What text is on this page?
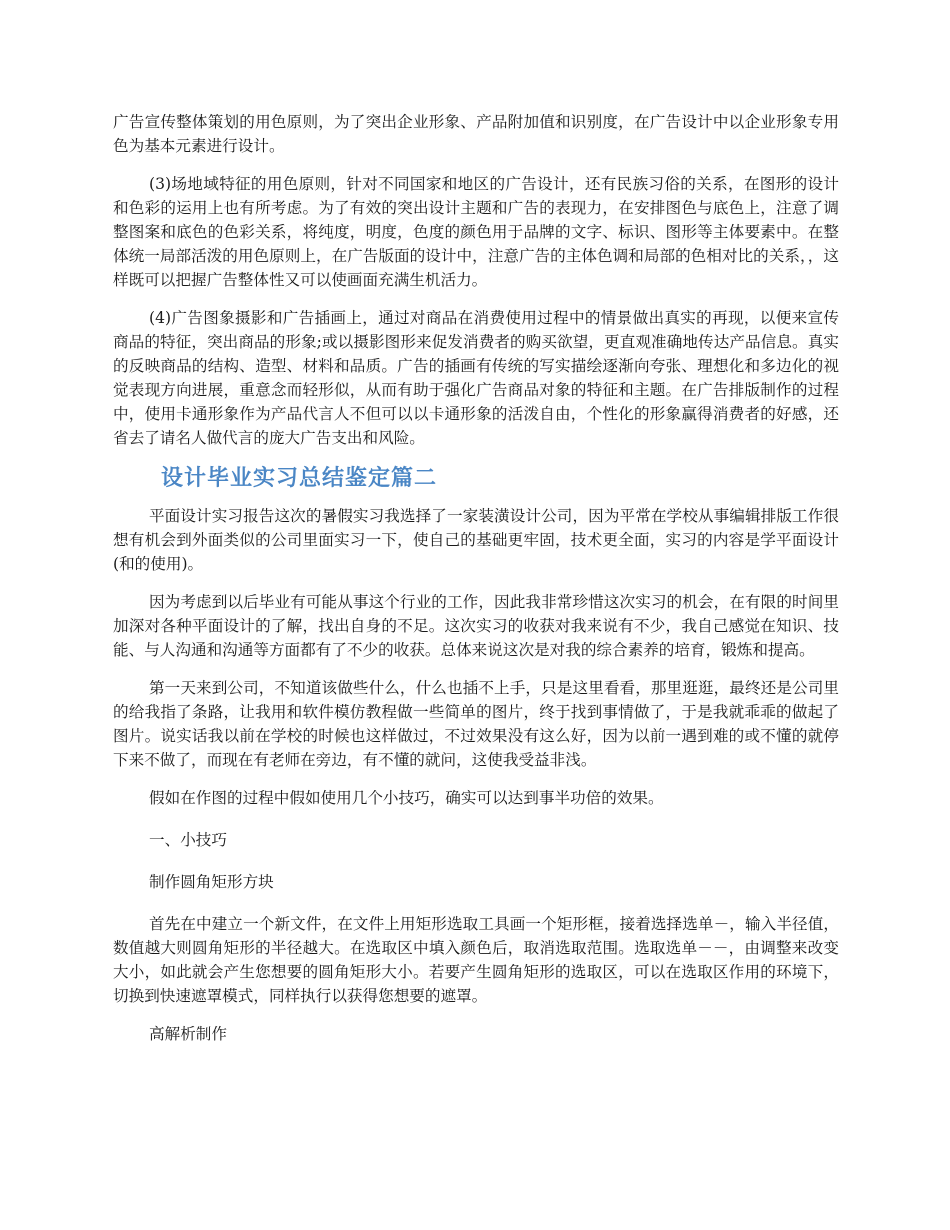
广告宣传整体策划的用色原则，为了突出企业形象、产品附加值和识别度，在广告设计中以企业形象专用色为基本元素进行设计。

(3)场地域特征的用色原则，针对不同国家和地区的广告设计，还有民族习俗的关系，在图形的设计和色彩的运用上也有所考虑。为了有效的突出设计主题和广告的表现力，在安排图色与底色上，注意了调整图案和底色的色彩关系，将纯度，明度，色度的颜色用于品牌的文字、标识、图形等主体要素中。在整体统一局部活泼的用色原则上，在广告版面的设计中，注意广告的主体色调和局部的色相对比的关系，，这样既可以把握广告整体性又可以使画面充满生机活力。

(4)广告图象摄影和广告插画上，通过对商品在消费使用过程中的情景做出真实的再现，以便来宣传商品的特征，突出商品的形象;或以摄影图形来促发消费者的购买欲望，更直观准确地传达产品信息。真实的反映商品的结构、造型、材料和品质。广告的插画有传统的写实描绘逐渐向夸张、理想化和多边化的视觉表现方向进展，重意念而轻形似，从而有助于强化广告商品对象的特征和主题。在广告排版制作的过程中，使用卡通形象作为产品代言人不但可以以卡通形象的活泼自由，个性化的形象赢得消费者的好感，还省去了请名人做代言的庞大广告支出和风险。

设计毕业实习总结鉴定篇二

平面设计实习报告这次的暑假实习我选择了一家装潢设计公司，因为平常在学校从事编辑排版工作很想有机会到外面类似的公司里面实习一下，使自己的基础更牢固，技术更全面，实习的内容是学平面设计(和的使用)。

因为考虑到以后毕业有可能从事这个行业的工作，因此我非常珍惜这次实习的机会，在有限的时间里加深对各种平面设计的了解，找出自身的不足。这次实习的收获对我来说有不少，我自己感觉在知识、技能、与人沟通和沟通等方面都有了不少的收获。总体来说这次是对我的综合素养的培育，锻炼和提高。

第一天来到公司，不知道该做些什么，什么也插不上手，只是这里看看，那里逛逛，最终还是公司里的给我指了条路，让我用和软件模仿教程做一些简单的图片，终于找到事情做了，于是我就乖乖的做起了图片。说实话我以前在学校的时候也这样做过，不过效果没有这么好，因为以前一遇到难的或不懂的就停下来不做了，而现在有老师在旁边，有不懂的就问，这使我受益非浅。

假如在作图的过程中假如使用几个小技巧，确实可以达到事半功倍的效果。

一、小技巧

制作圆角矩形方块

首先在中建立一个新文件，在文件上用矩形选取工具画一个矩形框，接着选择选单－，输入半径值，数值越大则圆角矩形的半径越大。在选取区中填入颜色后，取消选取范围。选取选单－－，由调整来改变大小，如此就会产生您想要的圆角矩形大小。若要产生圆角矩形的选取区，可以在选取区作用的环境下，切换到快速遮罩模式，同样执行以获得您想要的遮罩。

高解析制作
